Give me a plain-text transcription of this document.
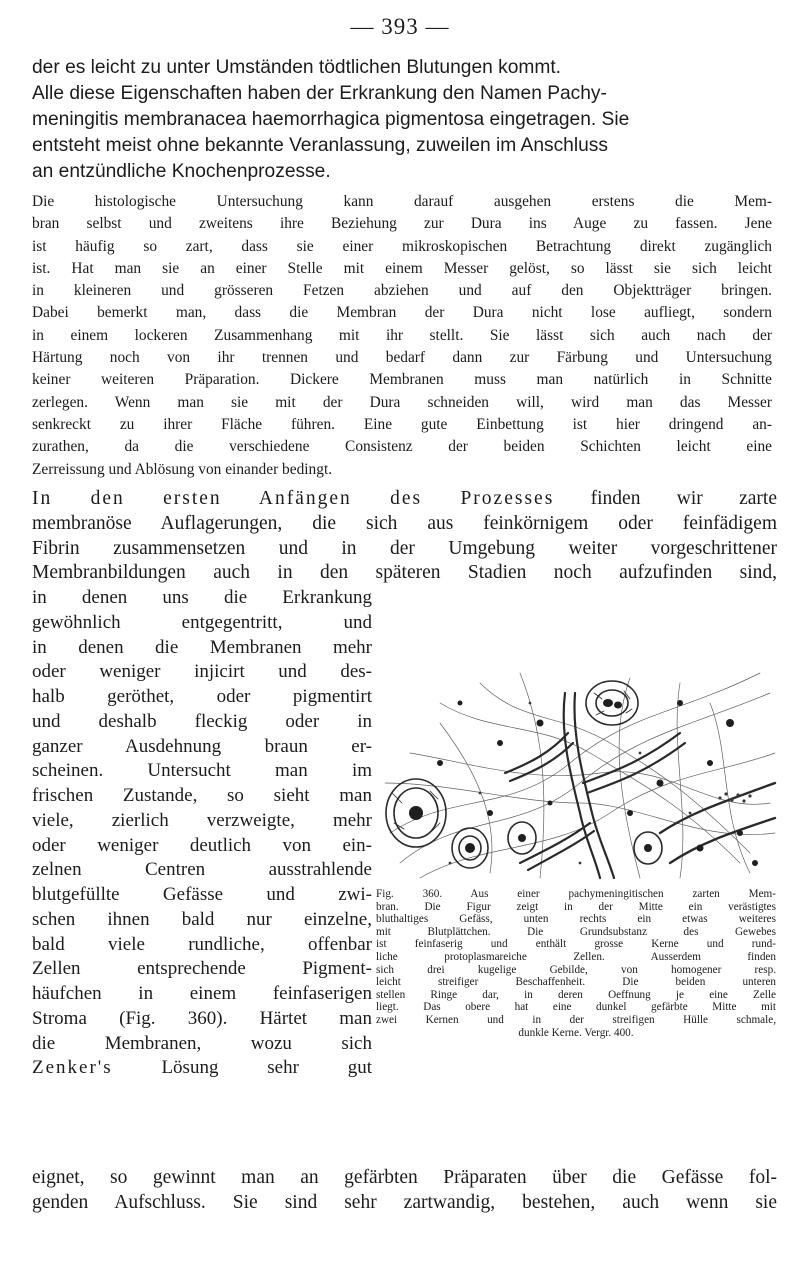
— 393 —
der es leicht zu unter Umständen tödtlichen Blutungen kommt.
Alle diese Eigenschaften haben der Erkrankung den Namen Pachy-
meningitis membranacea haemorrhagica pigmentosa eingetragen. Sie
entsteht meist ohne bekannte Veranlassung, zuweilen im Anschluss
an entzündliche Knochenprozesse.
Die histologische Untersuchung kann darauf ausgehen erstens die Mem-
bran selbst und zweitens ihre Beziehung zur Dura ins Auge zu fassen. Jene
ist häufig so zart, dass sie einer mikroskopischen Betrachtung direkt zugänglich
ist. Hat man sie an einer Stelle mit einem Messer gelöst, so lässt sie sich leicht
in kleineren und grösseren Fetzen abziehen und auf den Objektträger bringen.
Dabei bemerkt man, dass die Membran der Dura nicht lose aufliegt, sondern
in einem lockeren Zusammenhang mit ihr stellt. Sie lässt sich auch nach der
Härtung noch von ihr trennen und bedarf dann zur Färbung und Untersuchung
keiner weiteren Präparation. Dickere Membranen muss man natürlich in Schnitte
zerlegen. Wenn man sie mit der Dura schneiden will, wird man das Messer
senkreckt zu ihrer Fläche führen. Eine gute Einbettung ist hier dringend an-
zurathen, da die verschiedene Consistenz der beiden Schichten leicht eine
Zerreissung und Ablösung von einander bedingt.
In den ersten Anfängen des Prozesses finden wir zarte
membranöse Auflagerungen, die sich aus feinkörnigem oder feinfädigem
Fibrin zusammensetzen und in der Umgebung weiter vorgeschrittener
Membranbildungen auch in den späteren Stadien noch aufzufinden sind,
in denen uns die Erkrankung
gewöhnlich entgegentritt, und
in denen die Membranen mehr
oder weniger injicirt und des-
halb geröthet, oder pigmentirt
und deshalb fleckig oder in
ganzer Ausdehnung braun er-
scheinen. Untersucht man im
frischen Zustande, so sieht man
viele, zierlich verzweigte, mehr
oder weniger deutlich von ein-
zelnen Centren ausstrahlende
blutgefüllte Gefässe und zwi-
schen ihnen bald nur einzelne,
bald viele rundliche, offenbar
Zellen entsprechende Pigment-
häufchen in einem feinfaserigen
Stroma (Fig. 360). Härtet man
die Membranen, wozu sich
Zenker's Lösung sehr gut
Fig. 360. Aus einer pachymeningitischen zarten Mem-
bran. Die Figur zeigt in der Mitte ein verästigtes
bluthaltiges Gefäss, unten rechts ein etwas weiteres
mit Blutplättchen. Die Grundsubstanz des Gewebes
ist feinfaserig und enthält grosse Kerne und rund-
liche protoplasmareiche Zellen. Ausserdem finden
sich drei kugelige Gebilde, von homogener resp.
leicht streifiger Beschaffenheit. Die beiden unteren
stellen Ringe dar, in deren Oeffnung je eine Zelle
liegt. Das obere hat eine dunkel gefärbte Mitte mit
zwei Kernen und in der streifigen Hülle schmale,
dunkle Kerne. Vergr. 400.
eignet, so gewinnt man an gefärbten Präparaten über die Gefässe fol-
genden Aufschluss. Sie sind sehr zartwandig, bestehen, auch wenn sie
